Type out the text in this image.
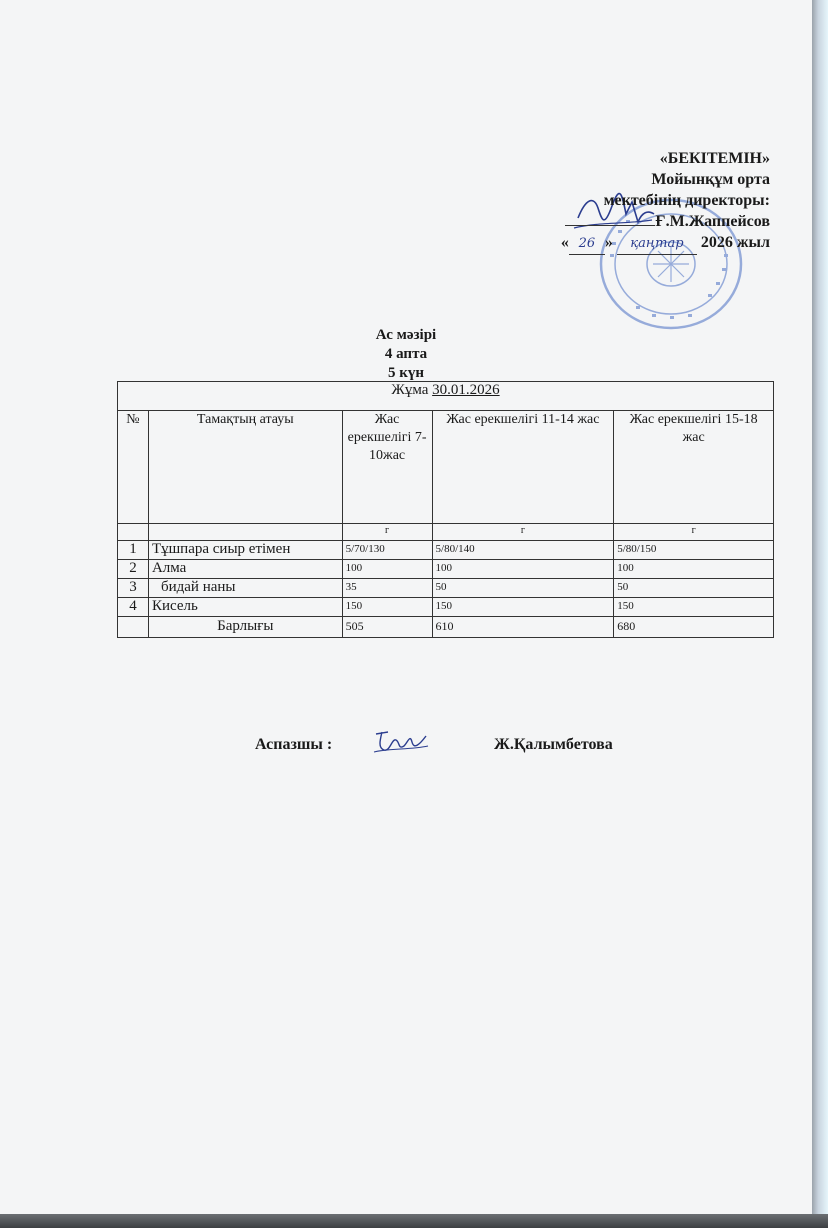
«БЕКІТЕМІН»
Мойынқұм орта
мектебінің директоры:
Ғ.М.Жаппейсов
« 26 » қаңтар 2026 жыл
Ас мәзірі
4 апта
5 күн
Жұма 30.01.2026				
№	Тамақтың атауы	Жас ерекшелігі 7-10жас	Жас ерекшелігі 11-14 жас	Жас ерекшелігі 15-18 жас
		г	г	г
1	Тұшпара сиыр етімен	5/70/130	5/80/140	5/80/150
2	Алма	100	100	100
3	бидай наны	35	50	50
4	Кисель	150	150	150
	Барлығы	505	610	680
Аспазшы :	Ж.Қалымбетова
